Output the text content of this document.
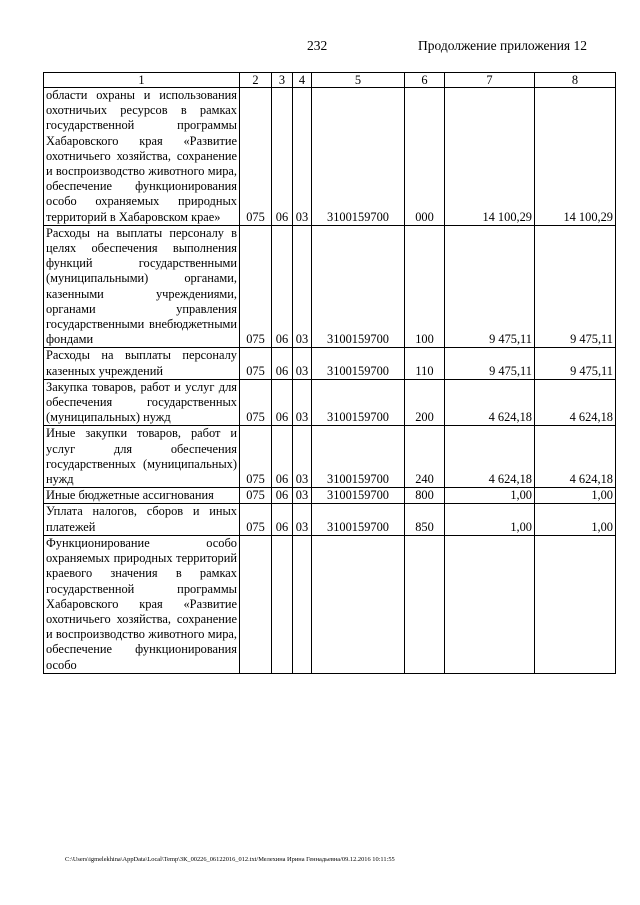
232	Продолжение приложения 12
1	2	3	4	5	6	7	8
области охраны и использования охотничьих ресурсов в рамках государственной программы Хабаровского края «Развитие охотничьего хозяйства, сохранение и воспроизводство животного мира, обеспечение функционирования особо охраняемых природных территорий в Хабаровском крае»	075	06	03	3100159700	000	14 100,29	14 100,29
Расходы на выплаты персоналу в целях обеспечения выполнения функций государственными (муниципальными) органами, казенными учреждениями, органами управления государственными внебюджетными фондами	075	06	03	3100159700	100	9 475,11	9 475,11
Расходы на выплаты персоналу казенных учреждений	075	06	03	3100159700	110	9 475,11	9 475,11
Закупка товаров, работ и услуг для обеспечения государственных (муниципальных) нужд	075	06	03	3100159700	200	4 624,18	4 624,18
Иные закупки товаров, работ и услуг для обеспечения государственных (муниципальных) нужд	075	06	03	3100159700	240	4 624,18	4 624,18
Иные бюджетные ассигнования	075	06	03	3100159700	800	1,00	1,00
Уплата налогов, сборов и иных платежей	075	06	03	3100159700	850	1,00	1,00
Функционирование особо охраняемых природных территорий краевого значения в рамках государственной программы Хабаровского края «Развитие охотничьего хозяйства, сохранение и воспроизводство животного мира, обеспечение функционирования особо							
C:\Users\igmelekhina\AppData\Local\Temp\ЗК_00226_06122016_012.txt/Мелехина Ирина Геннадьевна/09.12.2016 10:11:55
